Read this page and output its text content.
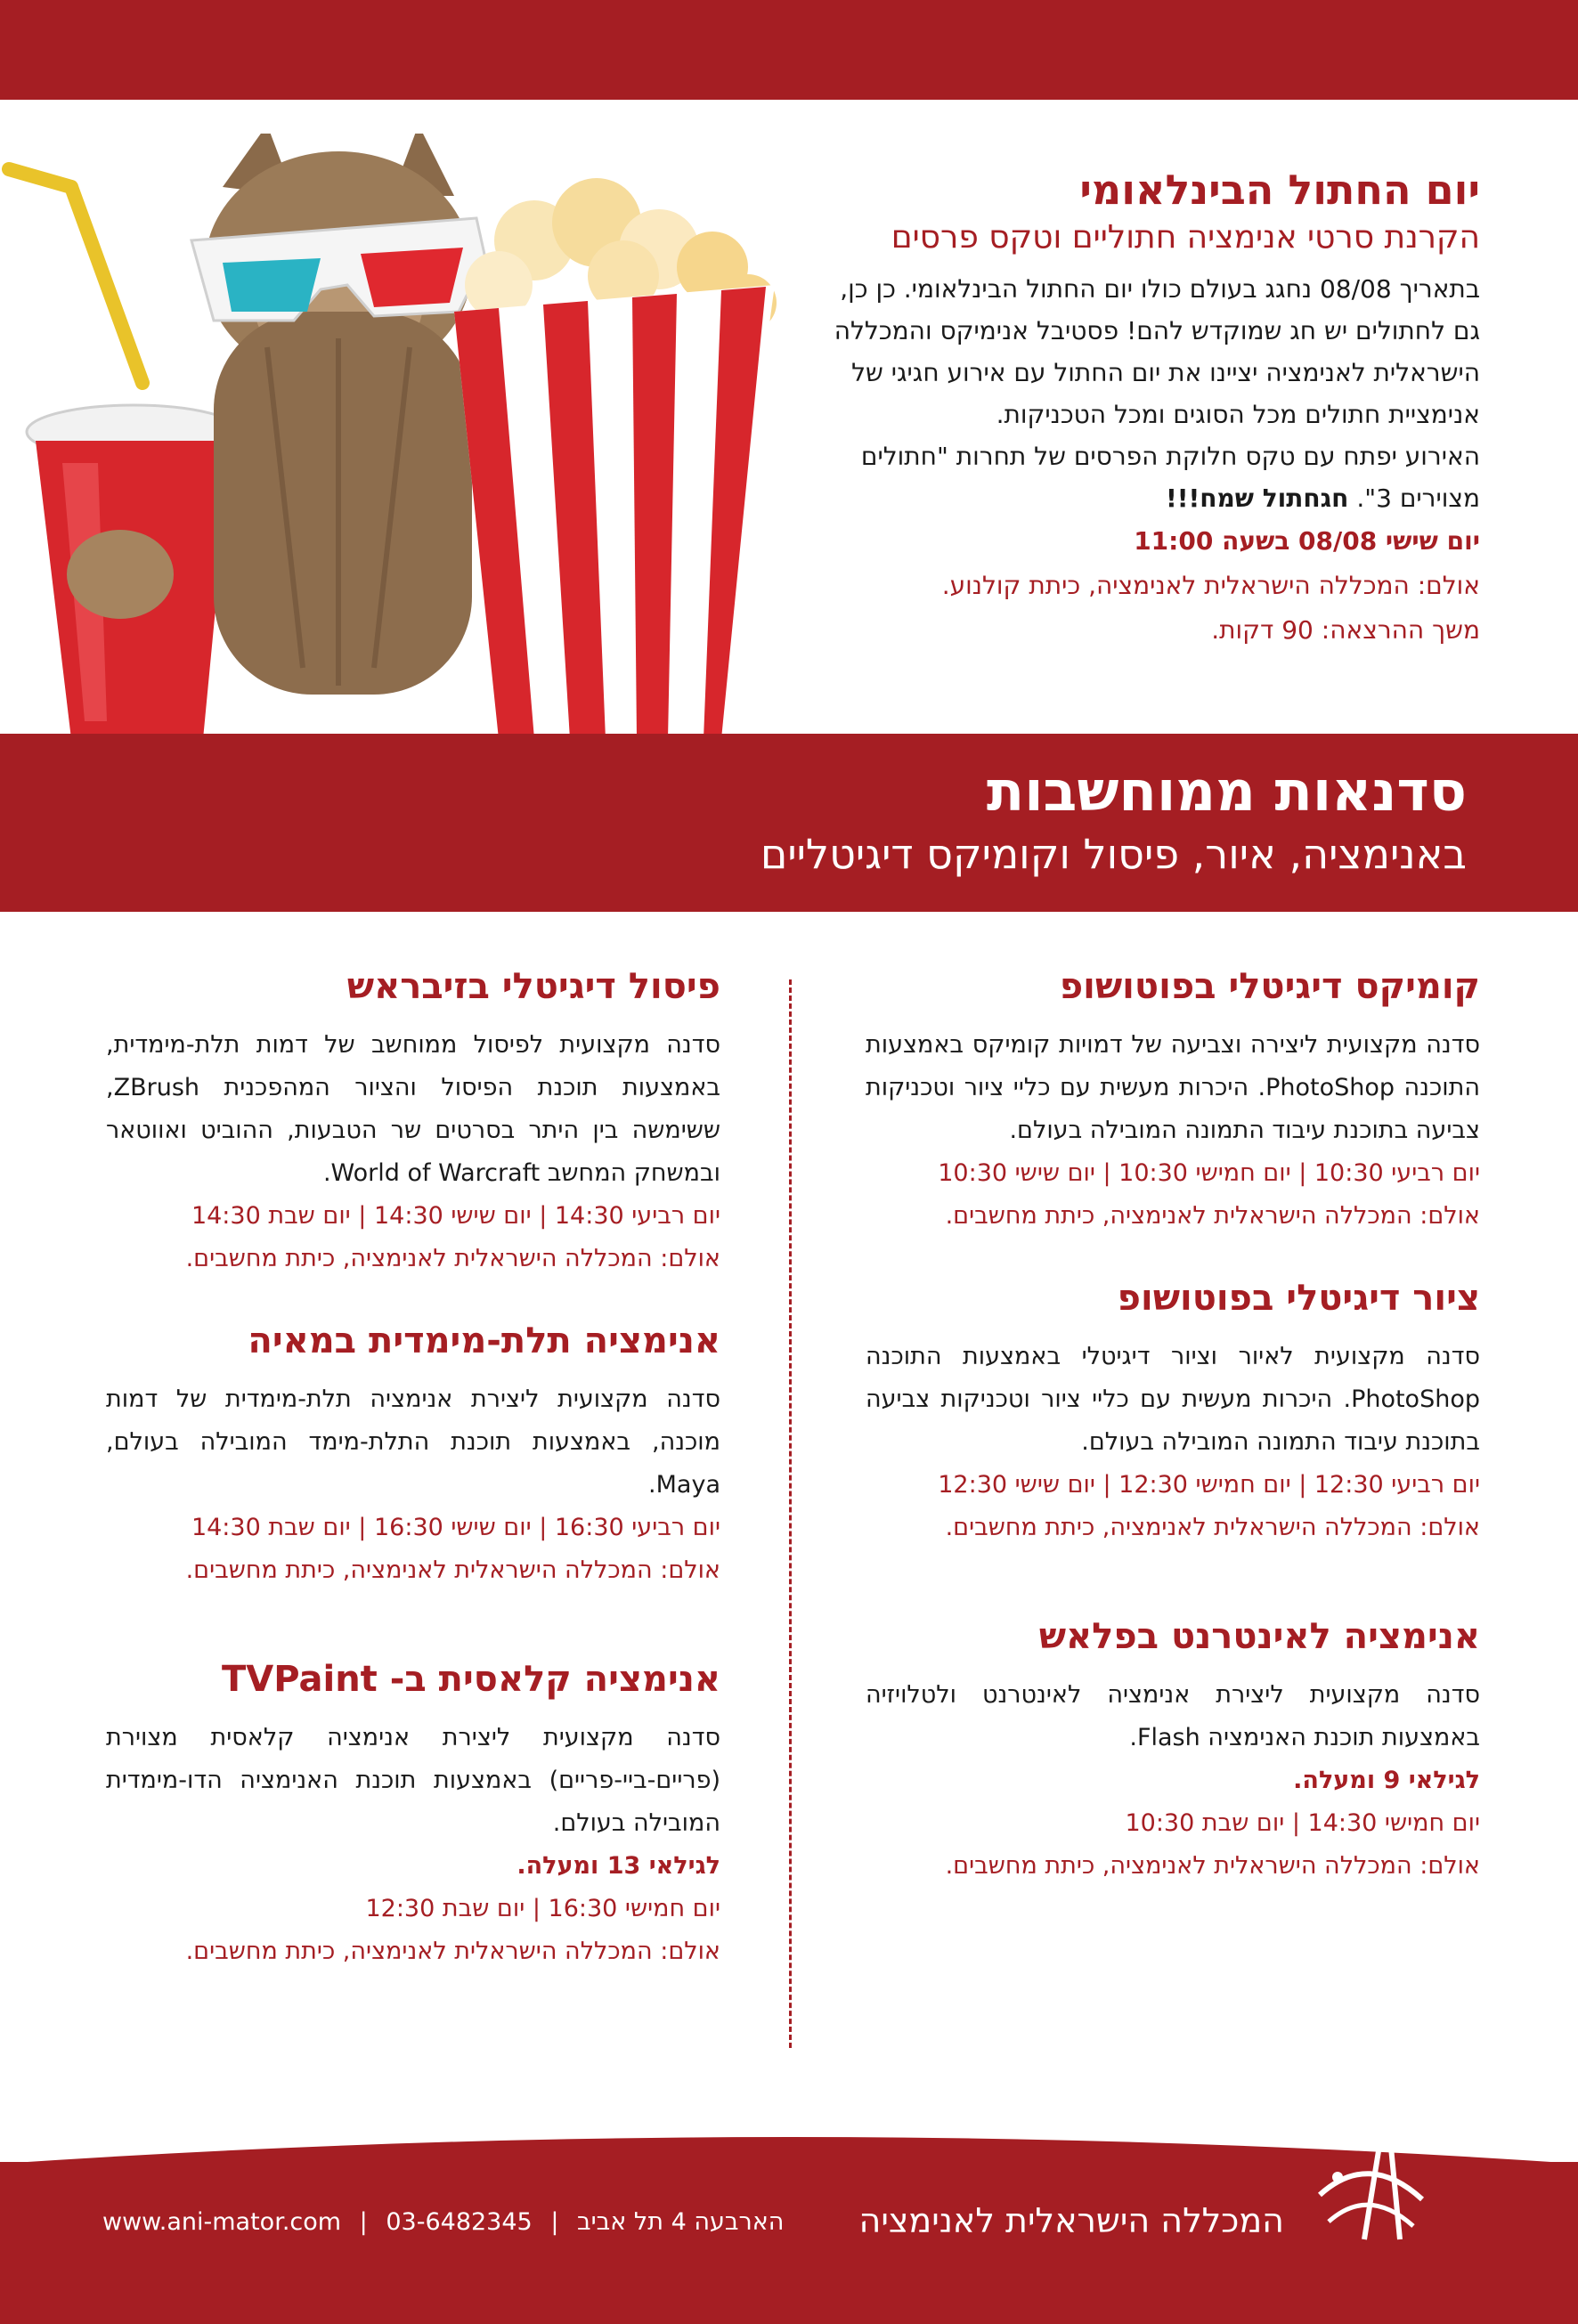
יום החתול הבינלאומי
הקרנת סרטי אנימציה חתוליים וטקס פרסים
בתאריך 08/08 נחגג בעולם כולו יום החתול הבינלאומי. כן כן,
גם לחתולים יש חג שמוקדש להם! פסטיבל אנימיקס והמכללה
הישראלית לאנימציה יציינו את יום החתול עם אירוע חגיגי של
אנימציית חתולים מכל הסוגים ומכל הטכניקות.
האירוע יפתח עם טקס חלוקת הפרסים של תחרות "חתולים
מצוירים 3". חגחתול שמח!!!
יום שישי 08/08 בשעה 11:00
אולם: המכללה הישראלית לאנימציה, כיתת קולנוע.
משך ההרצאה: 90 דקות.
סדנאות ממוחשבות
באנימציה, איור, פיסול וקומיקס דיגיטליים
קומיקס דיגיטלי בפוטושופ
סדנה מקצועית ליצירה וצביעה של דמויות קומיקס באמצעות התוכנה PhotoShop. היכרות מעשית עם כליי ציור וטכניקות צביעה בתוכנת עיבוד התמונה המובילה בעולם.
יום רביעי 10:30 | יום חמישי 10:30 | יום שישי 10:30
אולם: המכללה הישראלית לאנימציה, כיתת מחשבים.
ציור דיגיטלי בפוטושופ
סדנה מקצועית לאיור וציור דיגיטלי באמצעות התוכנה PhotoShop. היכרות מעשית עם כליי ציור וטכניקות צביעה בתוכנת עיבוד התמונה המובילה בעולם.
יום רביעי 12:30 | יום חמישי 12:30 | יום שישי 12:30
אולם: המכללה הישראלית לאנימציה, כיתת מחשבים.
אנימציה לאינטרנט בפלאש
סדנה מקצועית ליצירת אנימציה לאינטרנט ולטלויזיה באמצעות תוכנת האנימציה Flash.
לגילאי 9 ומעלה.
יום חמישי 14:30 | יום שבת 10:30
אולם: המכללה הישראלית לאנימציה, כיתת מחשבים.
פיסול דיגיטלי בזיבראש
סדנה מקצועית לפיסול ממוחשב של דמות תלת-מימדית, באמצעות תוכנת הפיסול והציור המהפכנית ZBrush, ששימשה בין היתר בסרטים שר הטבעות, ההוביט ואווטאר ובמשחק המחשב World of Warcraft.
יום רביעי 14:30 | יום שישי 14:30 | יום שבת 14:30
אולם: המכללה הישראלית לאנימציה, כיתת מחשבים.
אנימציה תלת-מימדית במאיה
סדנה מקצועית ליצירת אנימציה תלת-מימדית של דמות מוכנה, באמצעות תוכנת התלת-מימד המובילה בעולם, Maya.
יום רביעי 16:30 | יום שישי 16:30 | יום שבת 14:30
אולם: המכללה הישראלית לאנימציה, כיתת מחשבים.
אנימציה קלאסית ב- TVPaint
סדנה מקצועית ליצירת אנימציה קלאסית מצוירת (פריים-ביי-פריים) באמצעות תוכנת האנימציה הדו-מימדית המובילה בעולם.
לגילאי 13 ומעלה.
יום חמישי 16:30 | יום שבת 12:30
אולם: המכללה הישראלית לאנימציה, כיתת מחשבים.
www.ani-mator.com | 03-6482345 | הארבעה 4 תל אביב המכללה הישראלית לאנימציה
